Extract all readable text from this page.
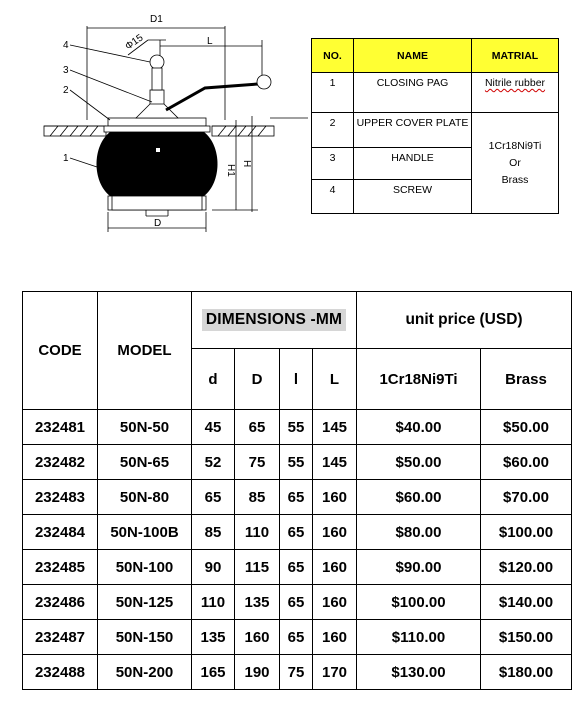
D1
Φ15	L
H
H1
D
4
3
2
1
NO.	NAME	MATRIAL
1	CLOSING PAG	Nitrile rubber
2	UPPER COVER PLATE	1Cr18Ni9Ti
Or
Brass

3	HANDLE	
4	SCREW	
CODE	MODEL	DIMENSIONS -MM				unit price (USD)	
		d	D	l	L	1Cr18Ni9Ti	Brass
232481	50N-50	45	65	55	145	$40.00	$50.00
232482	50N-65	52	75	55	145	$50.00	$60.00
232483	50N-80	65	85	65	160	$60.00	$70.00
232484	50N-100B	85	110	65	160	$80.00	$100.00
232485	50N-100	90	115	65	160	$90.00	$120.00
232486	50N-125	110	135	65	160	$100.00	$140.00
232487	50N-150	135	160	65	160	$110.00	$150.00
232488	50N-200	165	190	75	170	$130.00	$180.00
